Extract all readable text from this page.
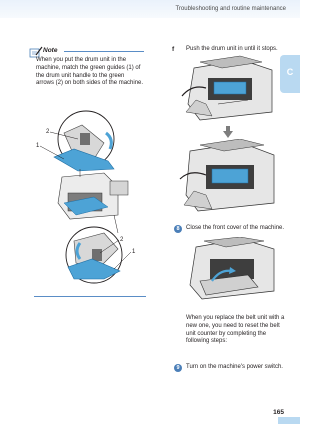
Troubleshooting and routine maintenance
C
Note
When you put the drum unit in the machine, match the green guides (1) of the drum unit handle to the green arrows (2) on both sides of the machine.
2
1
2
1
f Push the drum unit in until it stops.
8	Close the front cover of the machine.
When you replace the belt unit with a new one, you need to reset the belt unit counter by completing the following steps:
9	Turn on the machine's power switch.
165
